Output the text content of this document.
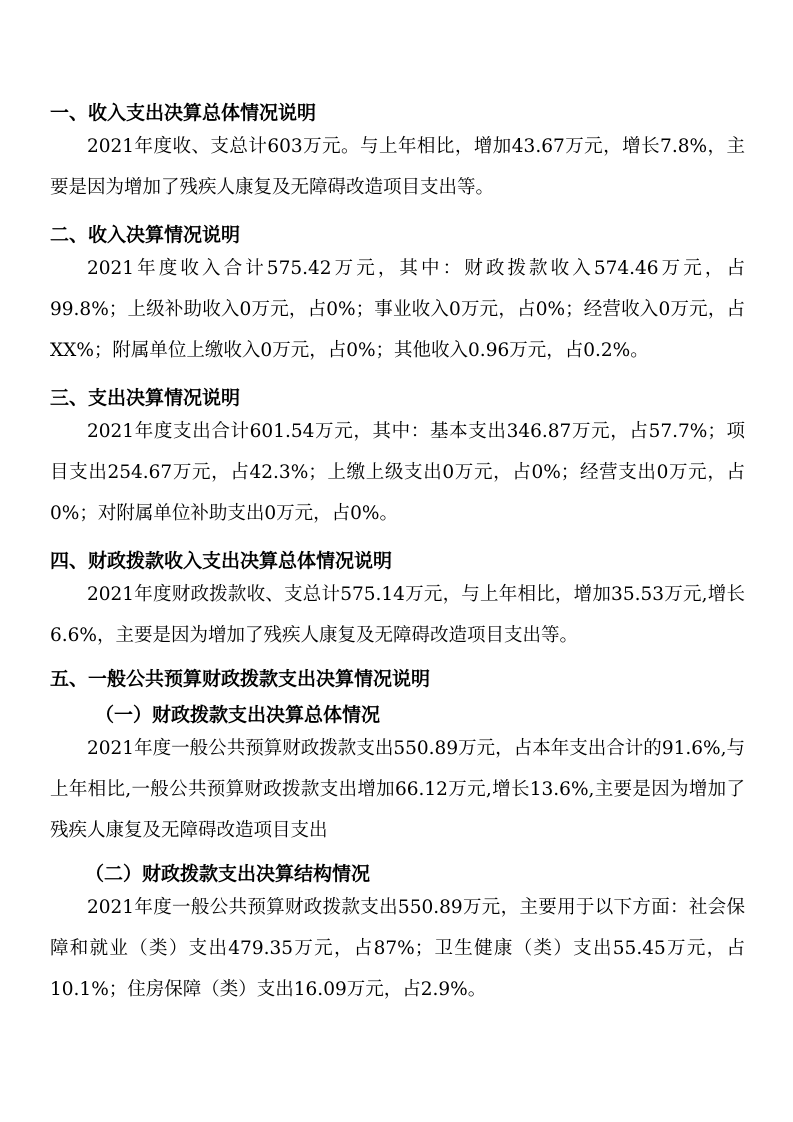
一、收入支出决算总体情况说明

2021年度收、支总计603万元。与上年相比，增加43.67万元，增长7.8%，主要是因为增加了残疾人康复及无障碍改造项目支出等。

二、收入决算情况说明

2021年度收入合计575.42万元，其中：财政拨款收入574.46万元，占99.8%；上级补助收入0万元，占0%；事业收入0万元，占0%；经营收入0万元，占XX%；附属单位上缴收入0万元，占0%；其他收入0.96万元，占0.2%。

三、支出决算情况说明

2021年度支出合计601.54万元，其中：基本支出346.87万元，占57.7%；项目支出254.67万元，占42.3%；上缴上级支出0万元，占0%；经营支出0万元，占0%；对附属单位补助支出0万元，占0%。

四、财政拨款收入支出决算总体情况说明

2021年度财政拨款收、支总计575.14万元，与上年相比，增加35.53万元,增长6.6%，主要是因为增加了残疾人康复及无障碍改造项目支出等。

五、一般公共预算财政拨款支出决算情况说明
（一）财政拨款支出决算总体情况

2021年度一般公共预算财政拨款支出550.89万元，占本年支出合计的91.6%,与上年相比,一般公共预算财政拨款支出增加66.12万元,增长13.6%,主要是因为增加了残疾人康复及无障碍改造项目支出

（二）财政拨款支出决算结构情况

2021年度一般公共预算财政拨款支出550.89万元，主要用于以下方面：社会保障和就业（类）支出479.35万元，占87%；卫生健康（类）支出55.45万元，占10.1%；住房保障（类）支出16.09万元，占2.9%。
